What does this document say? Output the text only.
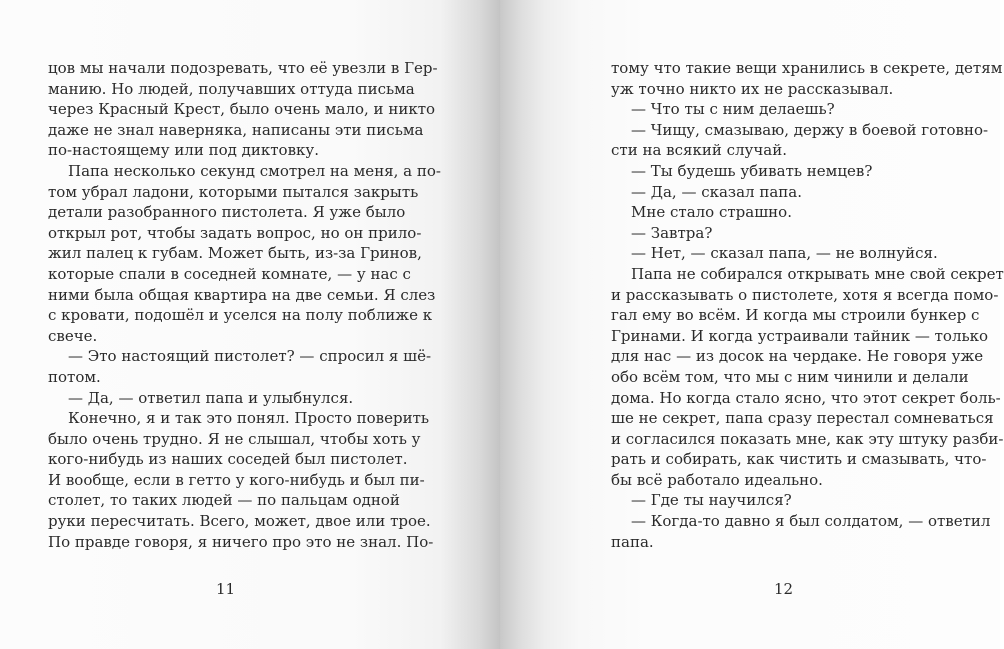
цов мы начали подозревать, что её увезли в Гер-
манию. Но людей, получавших оттуда письма
через Красный Крест, было очень мало, и никто
даже не знал наверняка, написаны эти письма
по-настоящему или под диктовку.
Папа несколько секунд смотрел на меня, а по-
том убрал ладони, которыми пытался закрыть
детали разобранного пистолета. Я уже было
открыл рот, чтобы задать вопрос, но он прило-
жил палец к губам. Может быть, из-за Гринов,
которые спали в соседней комнате, — у нас с
ними была общая квартира на две семьи. Я слез
с кровати, подошёл и уселся на полу поближе к
свече.
— Это настоящий пистолет? — спросил я шё-
потом.
— Да, — ответил папа и улыбнулся.
Конечно, я и так это понял. Просто поверить
было очень трудно. Я не слышал, чтобы хоть у
кого-нибудь из наших соседей был пистолет.
И вообще, если в гетто у кого-нибудь и был пи-
столет, то таких людей — по пальцам одной
руки пересчитать. Всего, может, двое или трое.
По правде говоря, я ничего про это не знал. По-
11
тому что такие вещи хранились в секрете, детям
уж точно никто их не рассказывал.
— Что ты с ним делаешь?
— Чищу, смазываю, держу в боевой готовно-
сти на всякий случай.
— Ты будешь убивать немцев?
— Да, — сказал папа.
Мне стало страшно.
— Завтра?
— Нет, — сказал папа, — не волнуйся.
Папа не собирался открывать мне свой секрет
и рассказывать о пистолете, хотя я всегда помо-
гал ему во всём. И когда мы строили бункер с
Гринами. И когда устраивали тайник — только
для нас — из досок на чердаке. Не говоря уже
обо всём том, что мы с ним чинили и делали
дома. Но когда стало ясно, что этот секрет боль-
ше не секрет, папа сразу перестал сомневаться
и согласился показать мне, как эту штуку разби-
рать и собирать, как чистить и смазывать, что-
бы всё работало идеально.
— Где ты научился?
— Когда-то давно я был солдатом, — ответил
папа.
12
